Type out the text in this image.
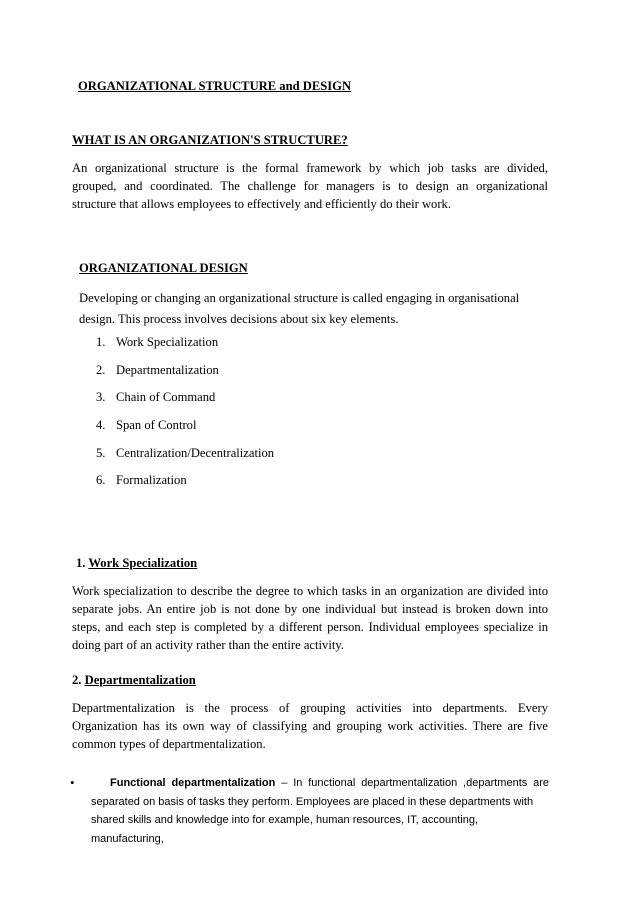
ORGANIZATIONAL STRUCTURE and DESIGN
WHAT IS AN ORGANIZATION'S STRUCTURE?
An organizational structure is the formal framework by which job tasks are divided,
grouped, and coordinated. The challenge for managers is to design an organizational
structure that allows employees to effectively and efficiently do their work.
ORGANIZATIONAL DESIGN
Developing or changing an organizational structure is called engaging in organisational
design. This process involves decisions about six key elements.
1. Work Specialization
2. Departmentalization
3. Chain of Command
4. Span of Control
5. Centralization/Decentralization
6. Formalization
1. Work Specialization
Work specialization to describe the degree to which tasks in an organization are divided into
separate jobs. An entire job is not done by one individual but instead is broken down into
steps, and each step is completed by a different person. Individual employees specialize in
doing part of an activity rather than the entire activity.
2. Departmentalization
Departmentalization is the process of grouping activities into departments. Every
Organization has its own way of classifying and grouping work activities. There are five
common types of departmentalization.
•	Functional departmentalization – In functional departmentalization ,departments are
separated on basis of tasks they perform. Employees are placed in these departments with
shared skills and knowledge into for example, human resources, IT, accounting, manufacturing,
